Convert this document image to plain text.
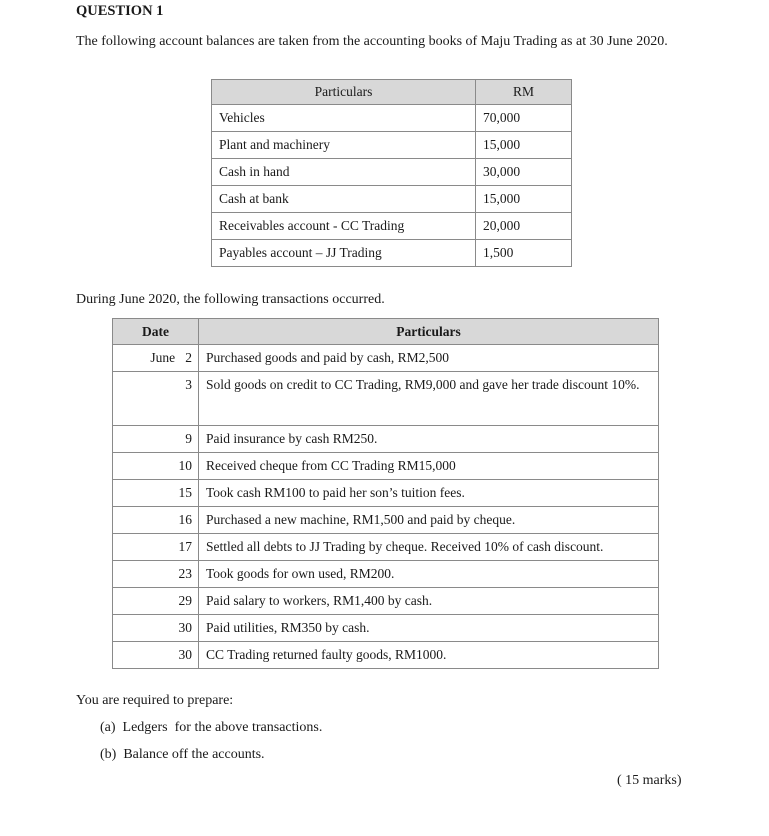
QUESTION 1
The following account balances are taken from the accounting books of Maju Trading as at 30 June 2020.
Particulars	RM
Vehicles	70,000
Plant and machinery	15,000
Cash in hand	30,000
Cash at bank	15,000
Receivables account - CC Trading	20,000
Payables account – JJ Trading	1,500
During June 2020, the following transactions occurred.
Date	Particulars
June   2	Purchased goods and paid by cash, RM2,500
3	Sold goods on credit to CC Trading, RM9,000 and gave her trade discount 10%.
9	Paid insurance by cash RM250.
10	Received cheque from CC Trading RM15,000
15	Took cash RM100 to paid her son’s tuition fees.
16	Purchased a new machine, RM1,500 and paid by cheque.
17	Settled all debts to JJ Trading by cheque. Received 10% of cash discount.
23	Took goods for own used, RM200.
29	Paid salary to workers, RM1,400 by cash.
30	Paid utilities, RM350 by cash.
30	CC Trading returned faulty goods, RM1000.
You are required to prepare:
(a)  Ledgers  for the above transactions.
(b)  Balance off the accounts.
( 15 marks)
